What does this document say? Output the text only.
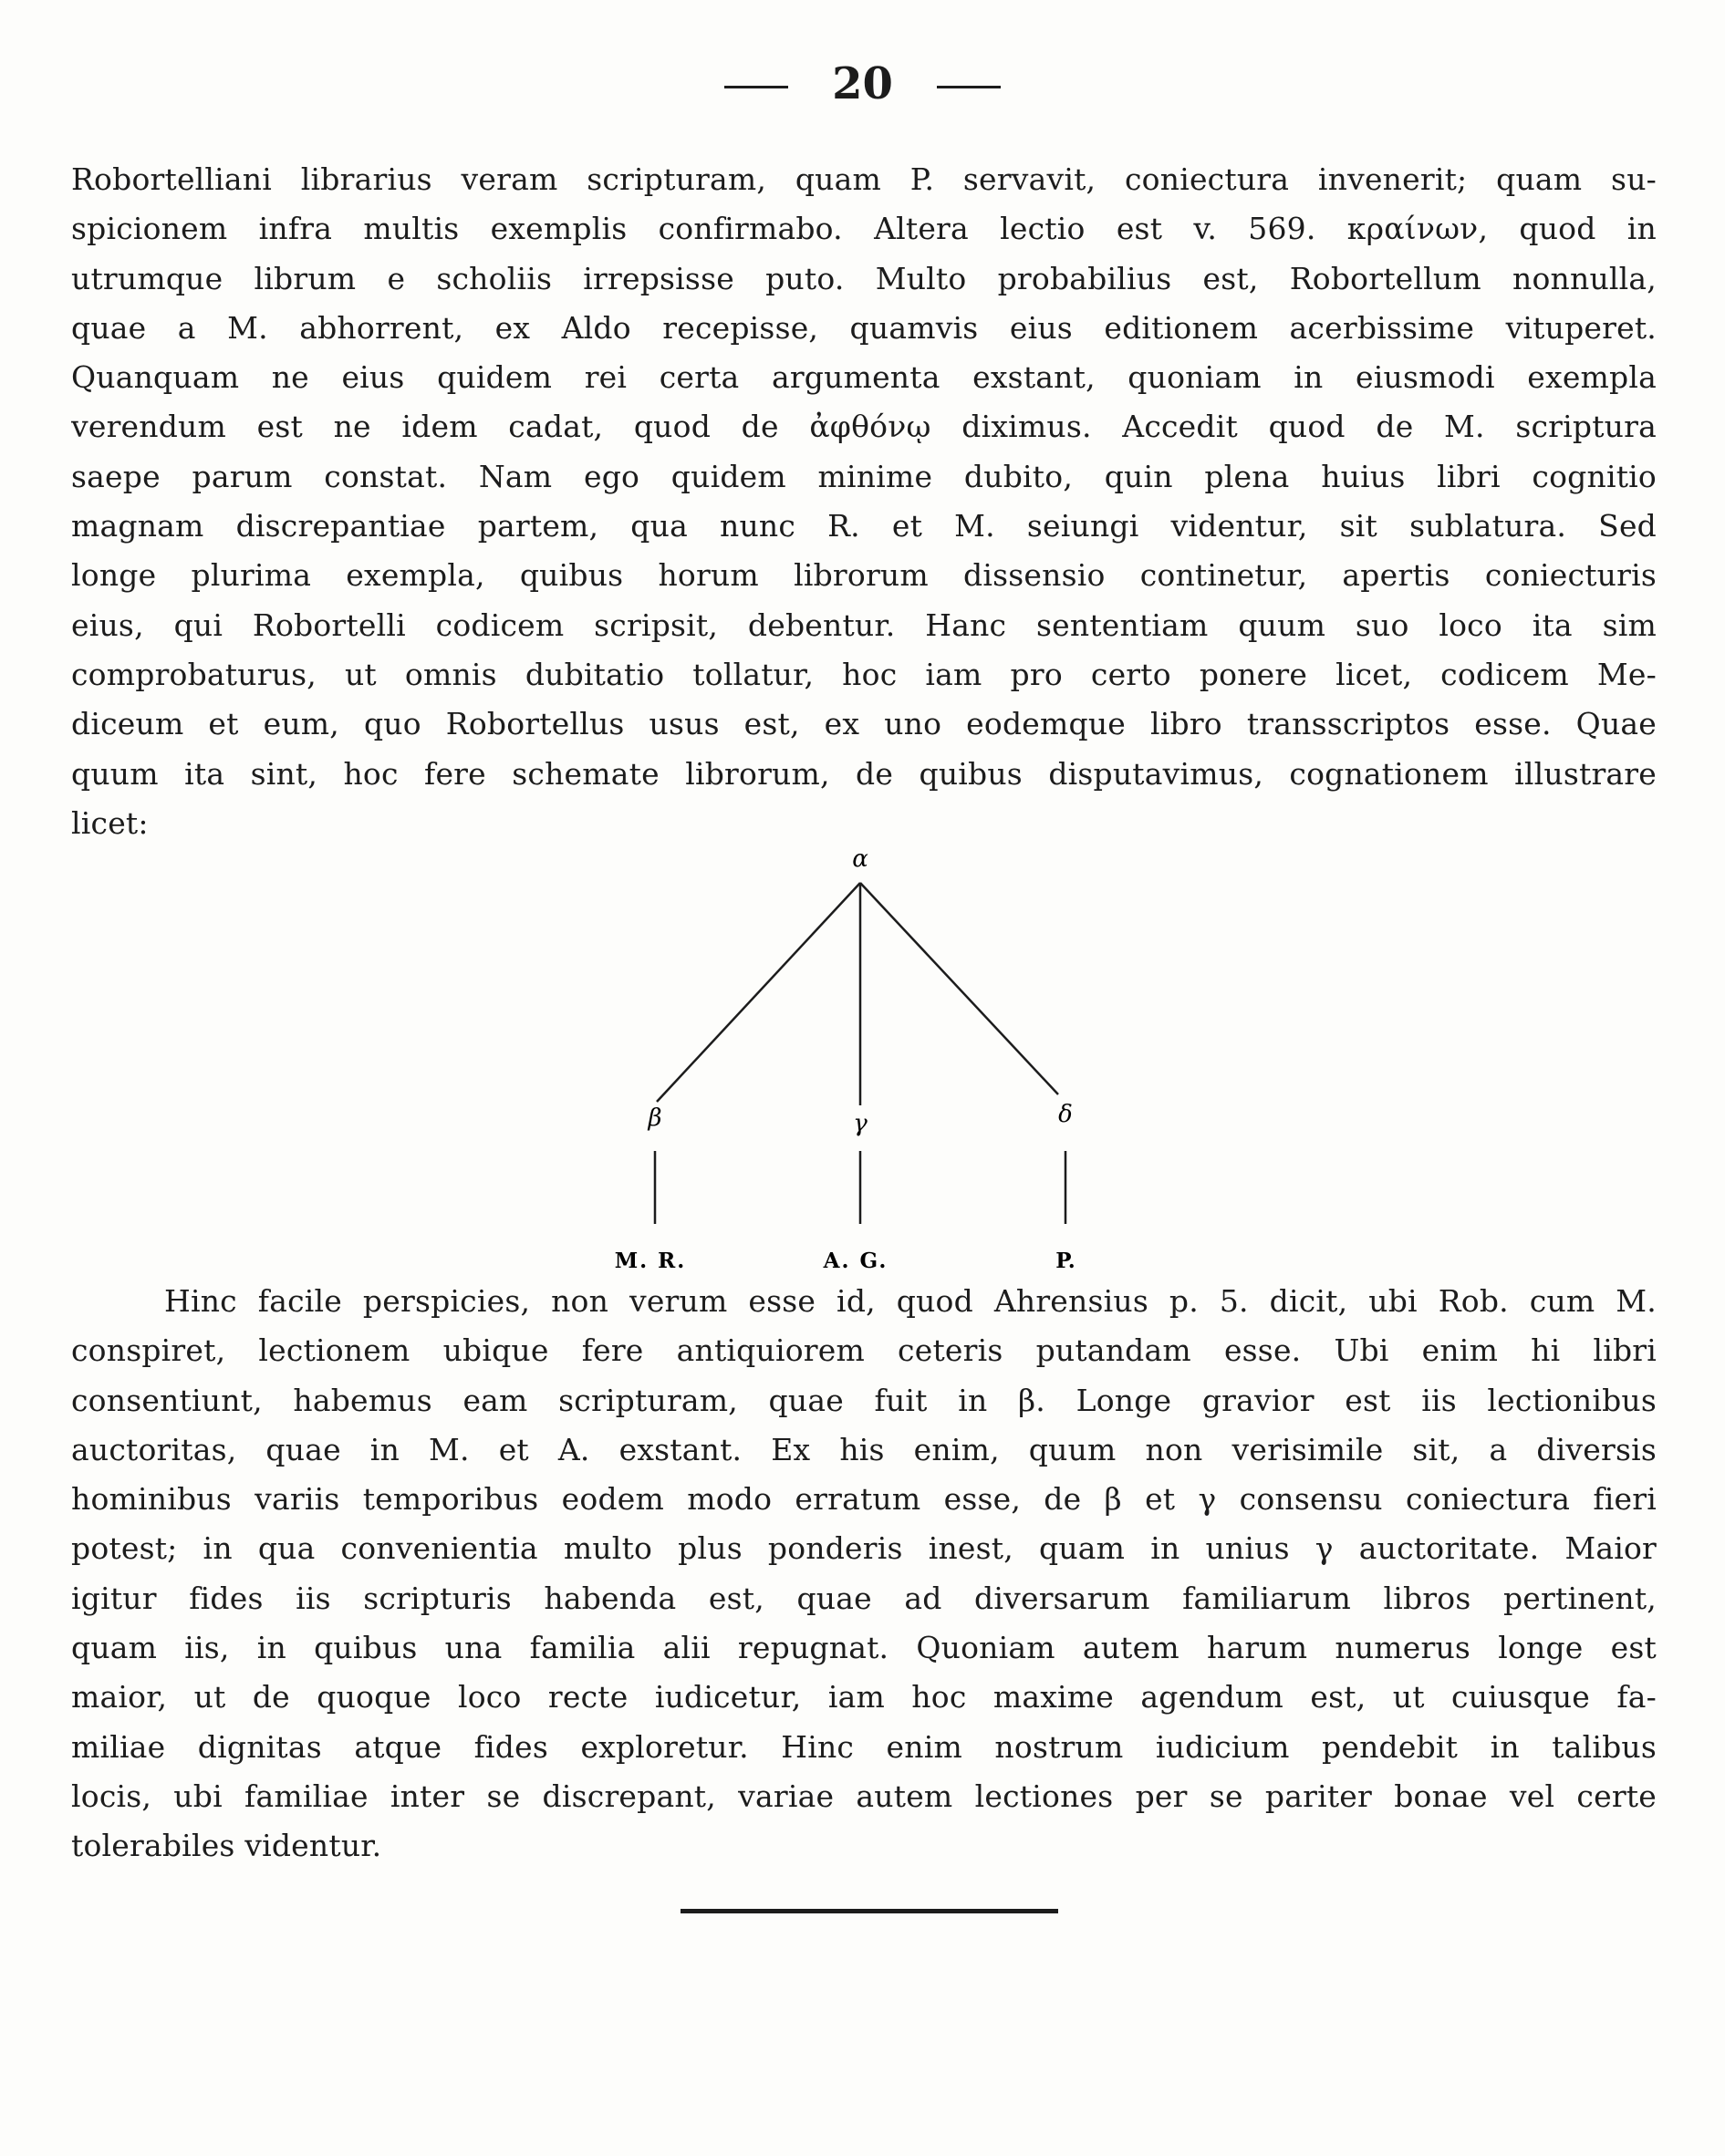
20
Robortelliani librarius veram scripturam, quam P. servavit, coniectura invenerit; quam su-
spicionem infra multis exemplis confirmabo. Altera lectio est v. 569. κραίνων, quod in
utrumque librum e scholiis irrepsisse puto. Multo probabilius est, Robortellum nonnulla,
quae a M. abhorrent, ex Aldo recepisse, quamvis eius editionem acerbissime vituperet.
Quanquam ne eius quidem rei certa argumenta exstant, quoniam in eiusmodi exempla
verendum est ne idem cadat, quod de ἀφθόνῳ diximus. Accedit quod de M. scriptura
saepe parum constat. Nam ego quidem minime dubito, quin plena huius libri cognitio
magnam discrepantiae partem, qua nunc R. et M. seiungi videntur, sit sublatura. Sed
longe plurima exempla, quibus horum librorum dissensio continetur, apertis coniecturis
eius, qui Robortelli codicem scripsit, debentur. Hanc sententiam quum suo loco ita sim
comprobaturus, ut omnis dubitatio tollatur, hoc iam pro certo ponere licet, codicem Me-
diceum et eum, quo Robortellus usus est, ex uno eodemque libro transscriptos esse. Quae
quum ita sint, hoc fere schemate librorum, de quibus disputavimus, cognationem illustrare
licet:
α
β	γ	δ
M. R.	A. G.	P.
Hinc facile perspicies, non verum esse id, quod Ahrensius p. 5. dicit, ubi Rob. cum M.
conspiret, lectionem ubique fere antiquiorem ceteris putandam esse. Ubi enim hi libri
consentiunt, habemus eam scripturam, quae fuit in β. Longe gravior est iis lectionibus
auctoritas, quae in M. et A. exstant. Ex his enim, quum non verisimile sit, a diversis
hominibus variis temporibus eodem modo erratum esse, de β et γ consensu coniectura fieri
potest; in qua convenientia multo plus ponderis inest, quam in unius γ auctoritate. Maior
igitur fides iis scripturis habenda est, quae ad diversarum familiarum libros pertinent,
quam iis, in quibus una familia alii repugnat. Quoniam autem harum numerus longe est
maior, ut de quoque loco recte iudicetur, iam hoc maxime agendum est, ut cuiusque fa-
miliae dignitas atque fides exploretur. Hinc enim nostrum iudicium pendebit in talibus
locis, ubi familiae inter se discrepant, variae autem lectiones per se pariter bonae vel certe
tolerabiles videntur.
